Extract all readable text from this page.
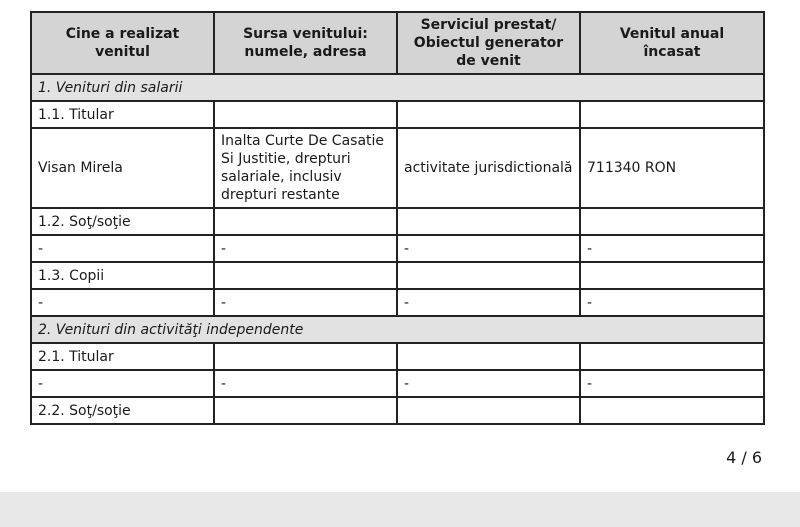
Cine a realizat venitul	Sursa venitului: numele, adresa	Serviciul prestat/ Obiectul generator de venit	Venitul anual încasat
1. Venituri din salarii			
1.1. Titular			
Visan Mirela	Inalta Curte De Casatie Si Justitie, drepturi salariale, inclusiv drepturi restante	activitate jurisdictională	711340 RON
1.2. Soţ/soţie			
-	-	-	-
1.3. Copii			
-	-	-	-
2. Venituri din activităţi independente			
2.1. Titular			
-	-	-	-
2.2. Soţ/soţie			
4 / 6
